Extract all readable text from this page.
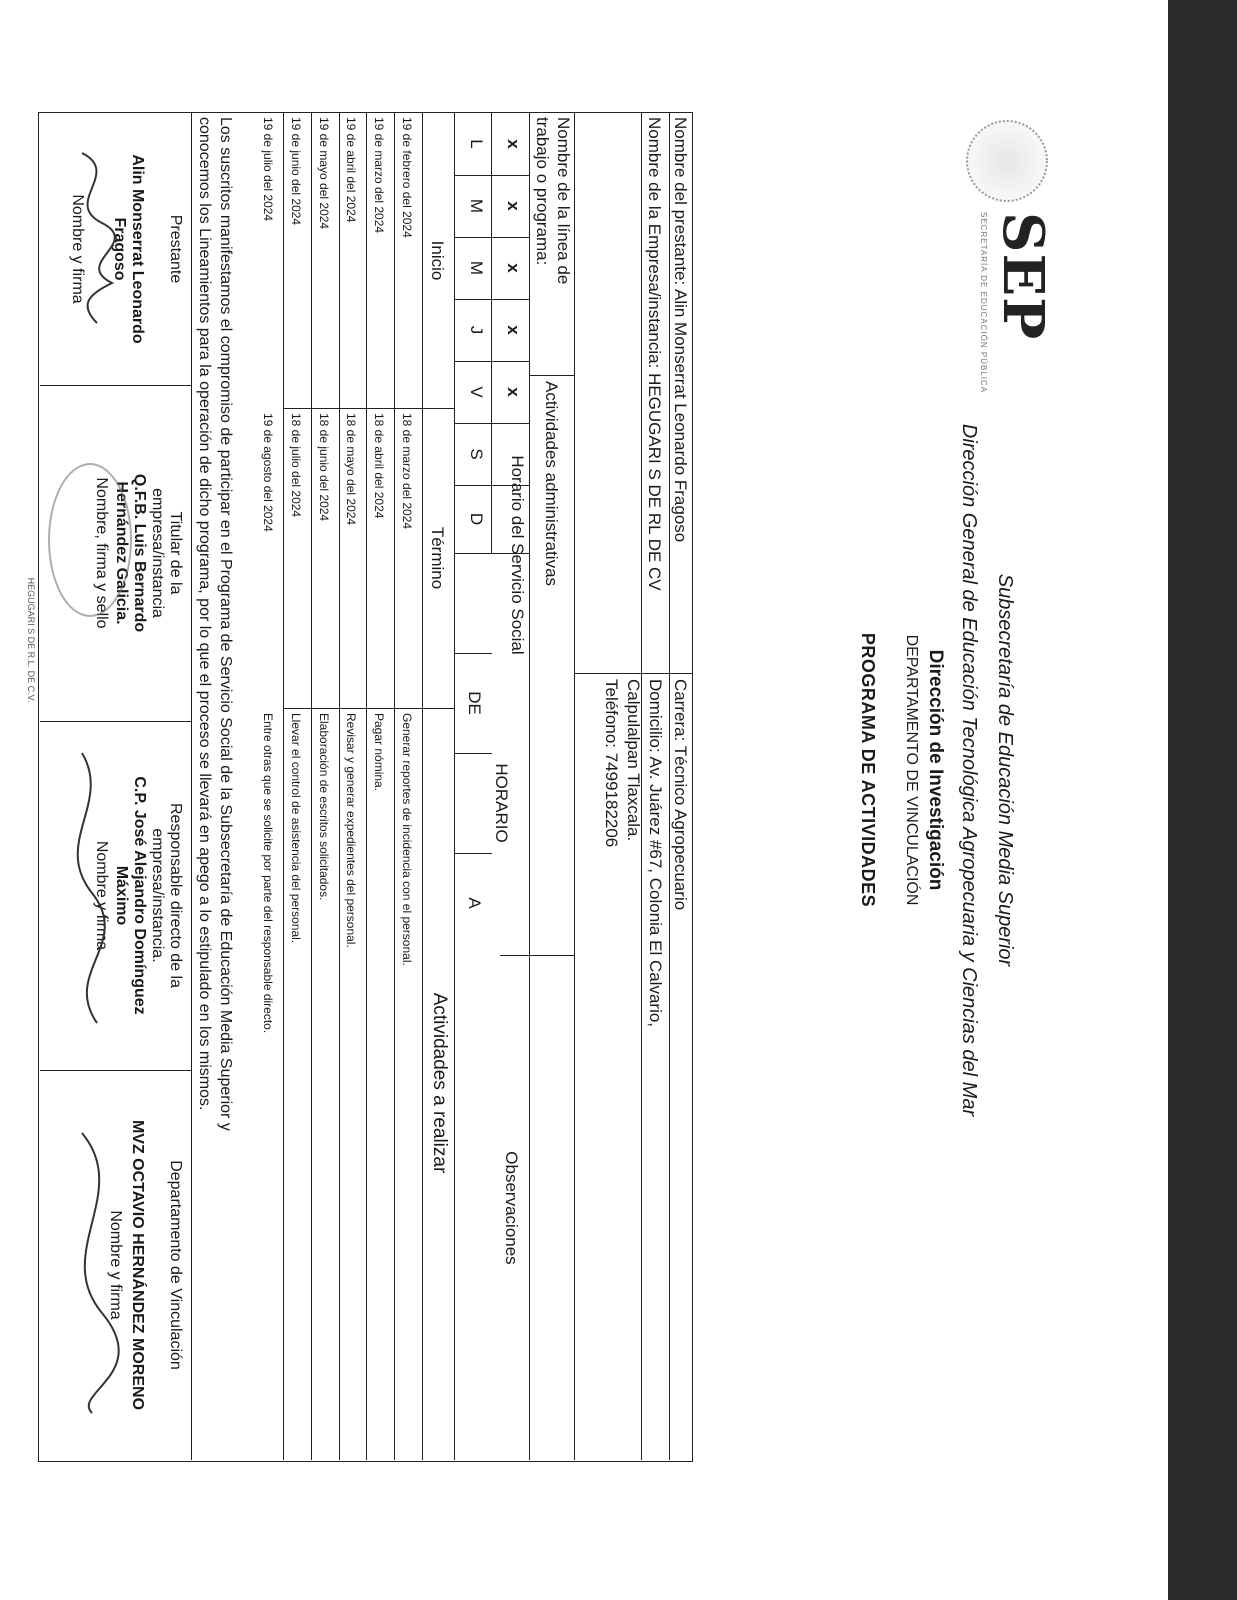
SEP
SECRETARÍA DE EDUCACIÓN PÚBLICA
Subsecretaría de Educación Media Superior
Dirección General de Educación Tecnológica Agropecuaria y Ciencias del Mar
Dirección de Investigación
DEPARTAMENTO DE VINCULACIÓN
PROGRAMA DE ACTIVIDADES
Nombre del prestante: Alin Monserrat Leonardo Fragoso
Carrera: Técnico Agropecuario
Nombre de la Empresa/instancia: HEGUGARI S DE RL DE CV
Domicilio: Av. Juárez #67, Colonia El Calvario,
Calpulalpan Tlaxcala.
Teléfono: 7499182206
Nombre de la línea de
trabajo o programa:
Actividades administrativas
Horario del Servicio Social
Observaciones
HORARIO
L
M
M
J
V
S
D
DE
A
x
x
x
x
x
Inicio
Término
Actividades a realizar
19 de febrero del 2024
18 de marzo del 2024
Generar reportes de incidencia con el personal.
19 de marzo del 2024
18 de abril del 2024
Pagar nómina.
19 de abril del 2024
18 de mayo del 2024
Revisar y generar expedientes del personal.
19 de mayo del 2024
18 de junio del 2024
Elaboración de escritos solicitados.
19 de junio del 2024
18 de julio del 2024
Llevar el control de asistencia del personal.
19 de julio del 2024
19 de agosto del 2024
Entre otras que se solicite por parte del responsable directo.
Los suscritos manifestamos el compromiso de participar en el Programa de Servicio Social de la Subsecretaría de Educación Media Superior y
conocemos los Lineamientos para la operación de dicho programa, por lo que el proceso se llevará en apego a lo estipulado en los mismos.
Prestante
Alin Monserrat Leonardo
Fragoso
Nombre y firma
Titular de la
empresa/instancia
Q.F.B. Luis Bernardo
Hernández Galicia.
Nombre, firma y sello
Responsable directo de la
empresa/instancia.
C.P. José Alejandro Domínguez
Máximo
Nombre y firma
Departamento de Vinculación
MVZ OCTAVIO HERNÁNDEZ MORENO
Nombre y firma
HEGUGARI S DE R.L. DE C.V.
